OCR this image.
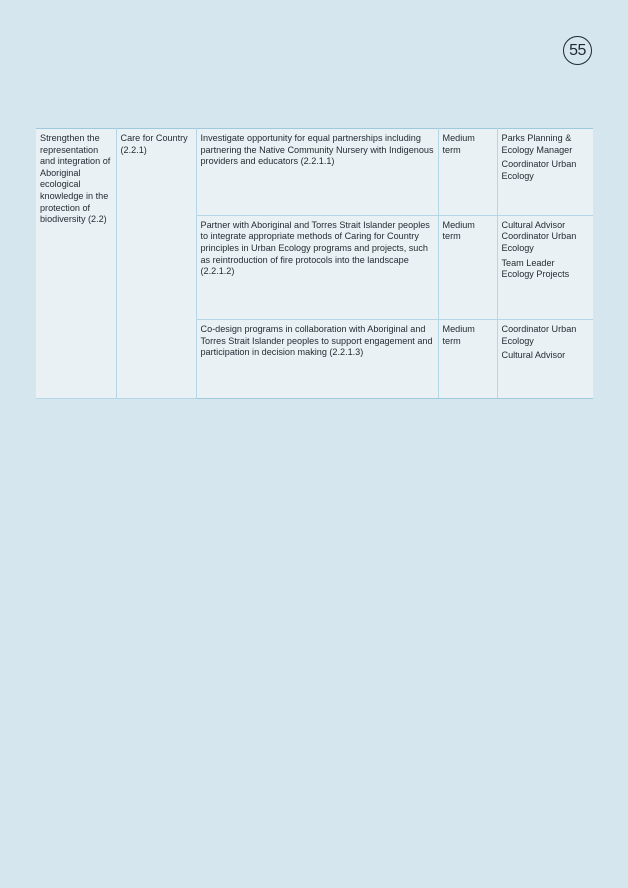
55
Strengthen the representation and integration of Aboriginal ecological knowledge in the protection of biodiversity (2.2)	Care for Country (2.2.1)	Investigate opportunity for equal partnerships including partnering the Native Community Nursery with Indigenous providers and educators (2.2.1.1)	Medium term	Parks Planning & Ecology Manager
Coordinator Urban Ecology

		Partner with Aboriginal and Torres Strait Islander peoples to integrate appropriate methods of Caring for Country principles in Urban Ecology programs and projects, such as reintroduction of fire protocols into the landscape (2.2.1.2)	Medium term	Cultural Advisor Coordinator Urban Ecology
Team Leader Ecology Projects

		Co-design programs in collaboration with Aboriginal and Torres Strait Islander peoples to support engagement and participation in decision making (2.2.1.3)	Medium term	Coordinator Urban Ecology
Cultural Advisor
